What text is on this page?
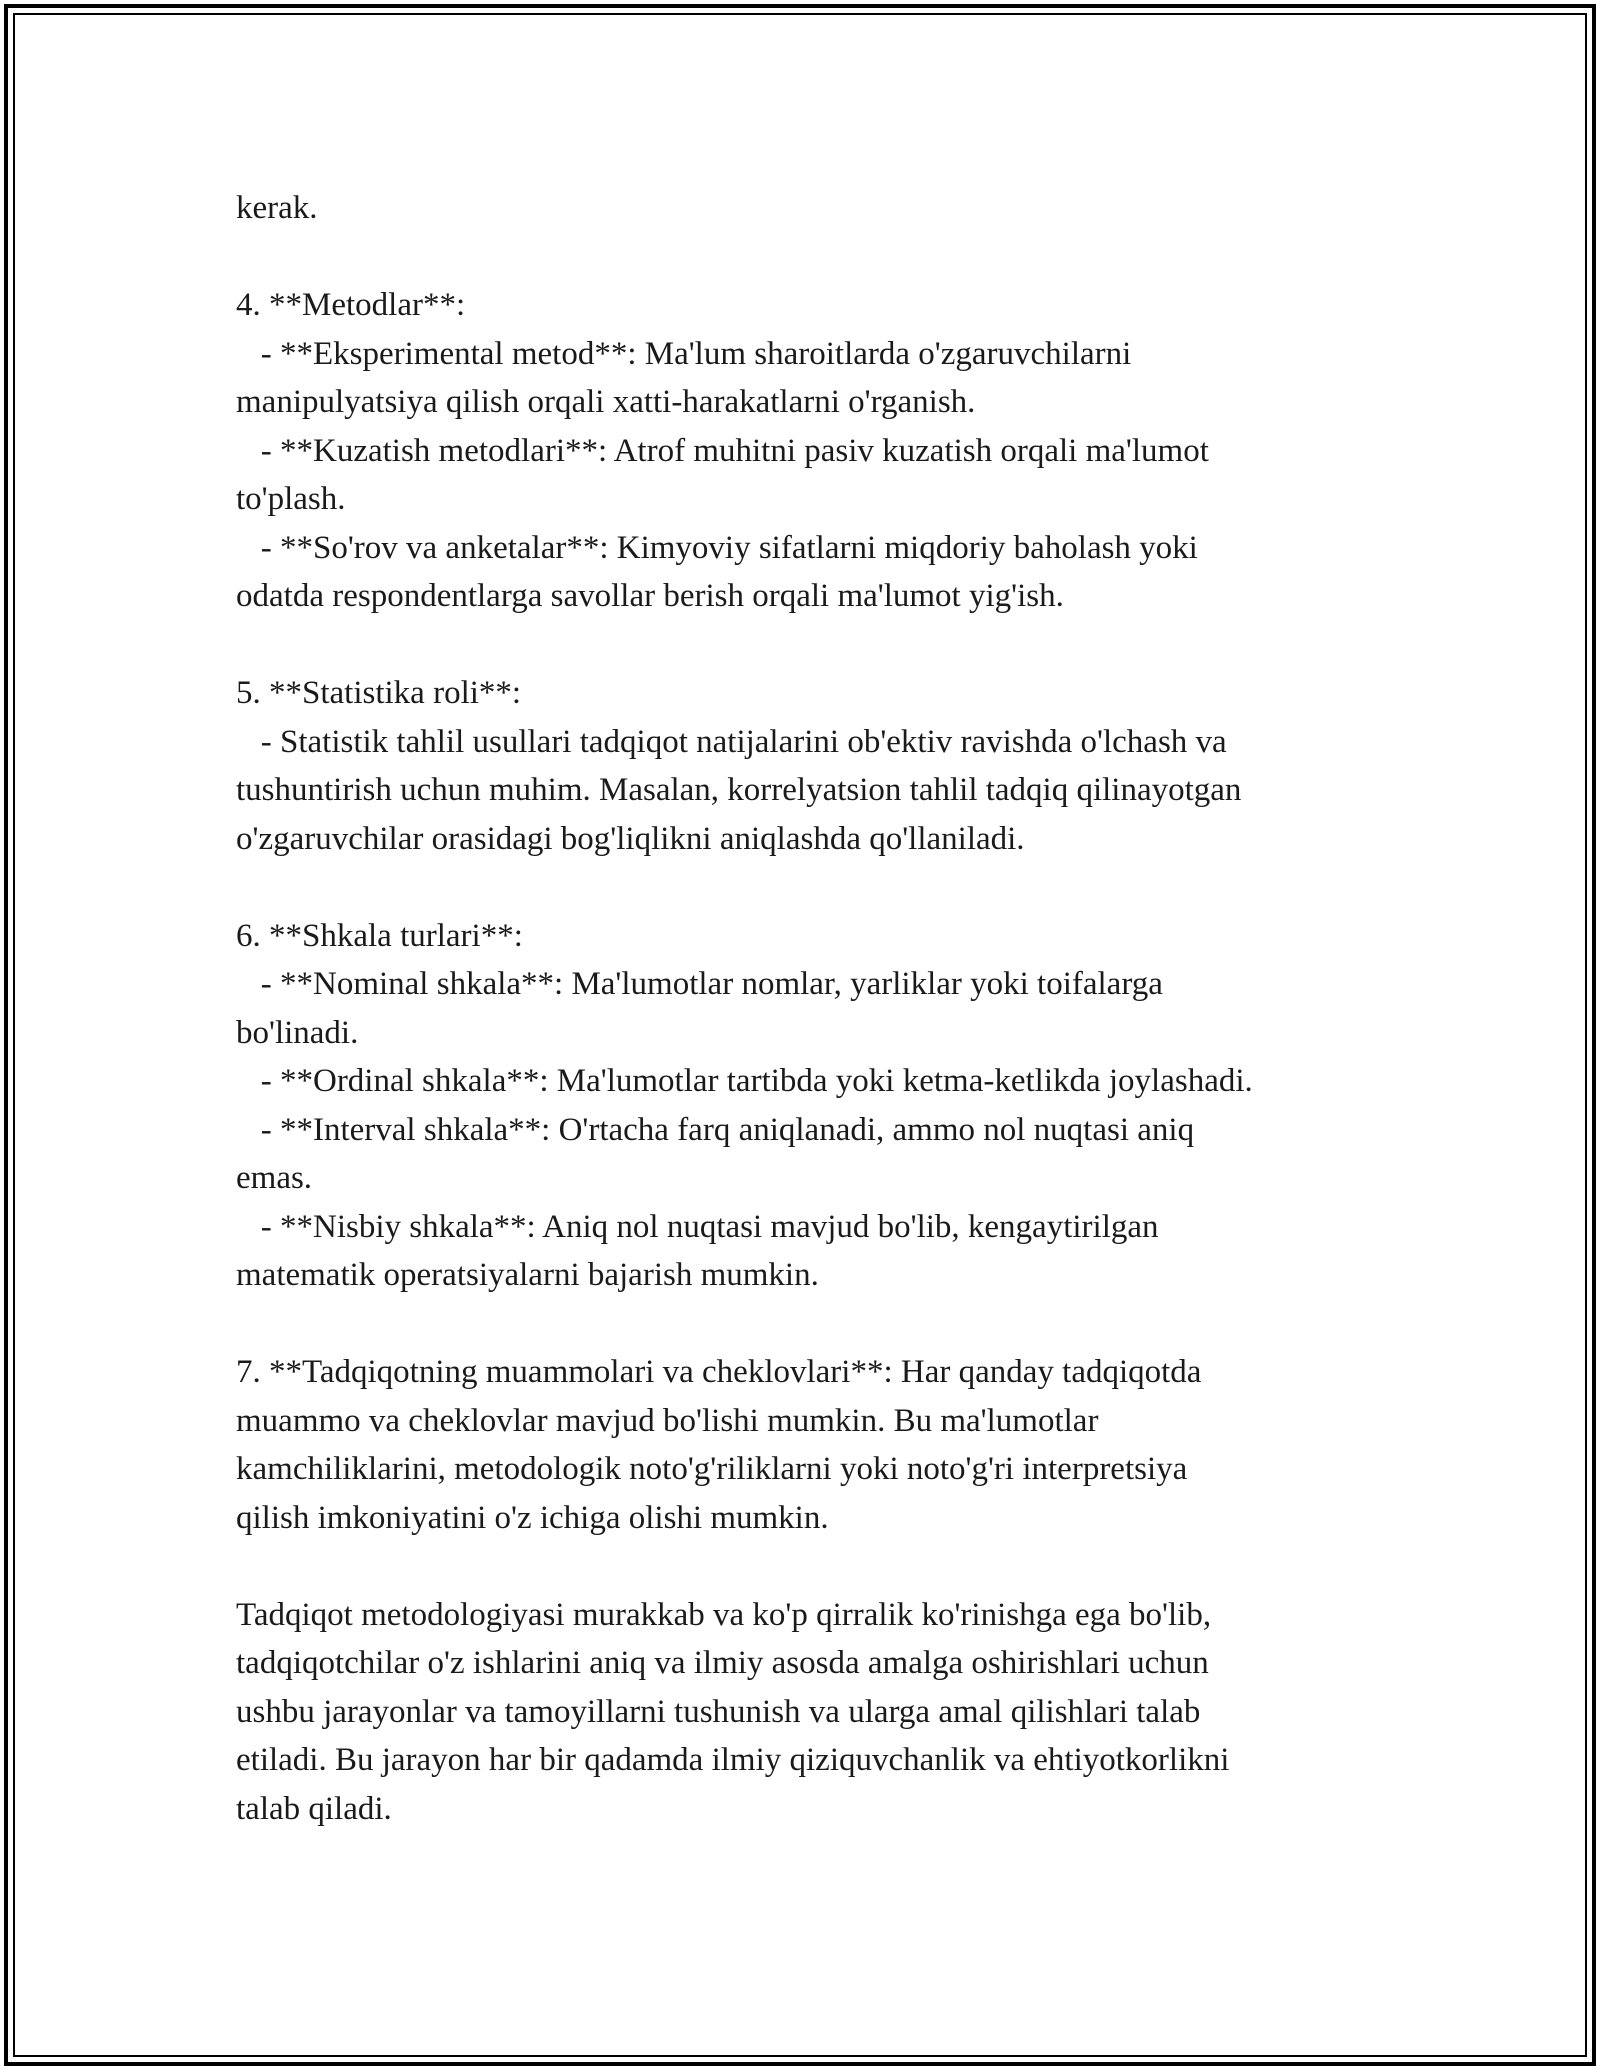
kerak.
4. **Metodlar**:
- **Eksperimental metod**: Ma'lum sharoitlarda o'zgaruvchilarni
manipulyatsiya qilish orqali xatti-harakatlarni o'rganish.
- **Kuzatish metodlari**: Atrof muhitni pasiv kuzatish orqali ma'lumot
to'plash.
- **So'rov va anketalar**: Kimyoviy sifatlarni miqdoriy baholash yoki
odatda respondentlarga savollar berish orqali ma'lumot yig'ish.
5. **Statistika roli**:
- Statistik tahlil usullari tadqiqot natijalarini ob'ektiv ravishda o'lchash va
tushuntirish uchun muhim. Masalan, korrelyatsion tahlil tadqiq qilinayotgan
o'zgaruvchilar orasidagi bog'liqlikni aniqlashda qo'llaniladi.
6. **Shkala turlari**:
- **Nominal shkala**: Ma'lumotlar nomlar, yarliklar yoki toifalarga
bo'linadi.
- **Ordinal shkala**: Ma'lumotlar tartibda yoki ketma-ketlikda joylashadi.
- **Interval shkala**: O'rtacha farq aniqlanadi, ammo nol nuqtasi aniq
emas.
- **Nisbiy shkala**: Aniq nol nuqtasi mavjud bo'lib, kengaytirilgan
matematik operatsiyalarni bajarish mumkin.
7. **Tadqiqotning muammolari va cheklovlari**: Har qanday tadqiqotda
muammo va cheklovlar mavjud bo'lishi mumkin. Bu ma'lumotlar
kamchiliklarini, metodologik noto'g'riliklarni yoki noto'g'ri interpretsiya
qilish imkoniyatini o'z ichiga olishi mumkin.
Tadqiqot metodologiyasi murakkab va ko'p qirralik ko'rinishga ega bo'lib,
tadqiqotchilar o'z ishlarini aniq va ilmiy asosda amalga oshirishlari uchun
ushbu jarayonlar va tamoyillarni tushunish va ularga amal qilishlari talab
etiladi. Bu jarayon har bir qadamda ilmiy qiziquvchanlik va ehtiyotkorlikni
talab qiladi.
